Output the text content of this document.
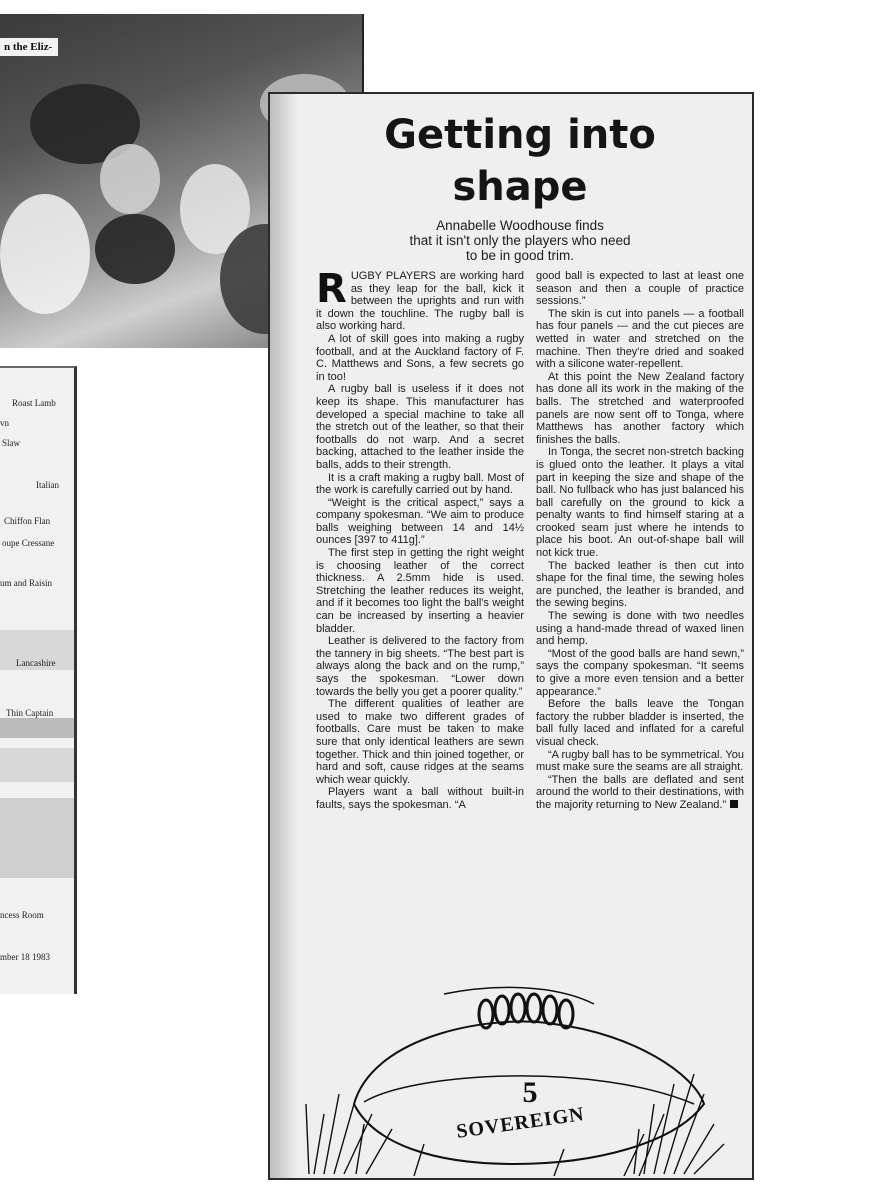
n the Eliz-
Roast Lamb
vn
Slaw
Italian
Chiffon Flan
oupe Cressane
um and Raisin
Lancashire
Thin Captain
ncess Room
mber 18 1983
Getting into
shape
Annabelle Woodhouse finds
that it isn't only the players who need
to be in good trim.

RUGBY PLAYERS are working hard as they leap for the ball, kick it between the uprights and run with it down the touchline. The rugby ball is also working hard.

A lot of skill goes into making a rugby football, and at the Auckland factory of F. C. Matthews and Sons, a few secrets go in too!

A rugby ball is useless if it does not keep its shape. This manufacturer has developed a special machine to take all the stretch out of the leather, so that their footballs do not warp. And a secret backing, attached to the leather inside the balls, adds to their strength.

It is a craft making a rugby ball. Most of the work is carefully carried out by hand.

“Weight is the critical aspect,” says a company spokesman. “We aim to produce balls weighing between 14 and 14½ ounces [397 to 411g].”

The first step in getting the right weight is choosing leather of the correct thickness. A 2.5mm hide is used. Stretching the leather reduces its weight, and if it becomes too light the ball's weight can be increased by inserting a heavier bladder.

Leather is delivered to the factory from the tannery in big sheets. “The best part is always along the back and on the rump,” says the spokesman. “Lower down towards the belly you get a poorer quality.”

The different qualities of leather are used to make two different grades of footballs. Care must be taken to make sure that only identical leathers are sewn together. Thick and thin joined together, or hard and soft, cause ridges at the seams which wear quickly.

Players want a ball without built-in faults, says the spokesman. “A

good ball is expected to last at least one season and then a couple of practice sessions.”

The skin is cut into panels — a football has four panels — and the cut pieces are wetted in water and stretched on the machine. Then they're dried and soaked with a silicone water-repellent.

At this point the New Zealand factory has done all its work in the making of the balls. The stretched and waterproofed panels are now sent off to Tonga, where Matthews has another factory which finishes the balls.

In Tonga, the secret non-stretch backing is glued onto the leather. It plays a vital part in keeping the size and shape of the ball. No fullback who has just balanced his ball carefully on the ground to kick a penalty wants to find himself staring at a crooked seam just where he intends to place his boot. An out-of-shape ball will not kick true.

The backed leather is then cut into shape for the final time, the sewing holes are punched, the leather is branded, and the sewing begins.

The sewing is done with two needles using a hand-made thread of waxed linen and hemp.

“Most of the good balls are hand sewn,” says the company spokesman. “It seems to give a more even tension and a better appearance.”

Before the balls leave the Tongan factory the rubber bladder is inserted, the ball fully laced and inflated for a careful visual check.

“A rugby ball has to be symmetrical. You must make sure the seams are all straight.

“Then the balls are deflated and sent around the world to their destinations, with the majority returning to New Zealand.”

5
SOVEREIGN
